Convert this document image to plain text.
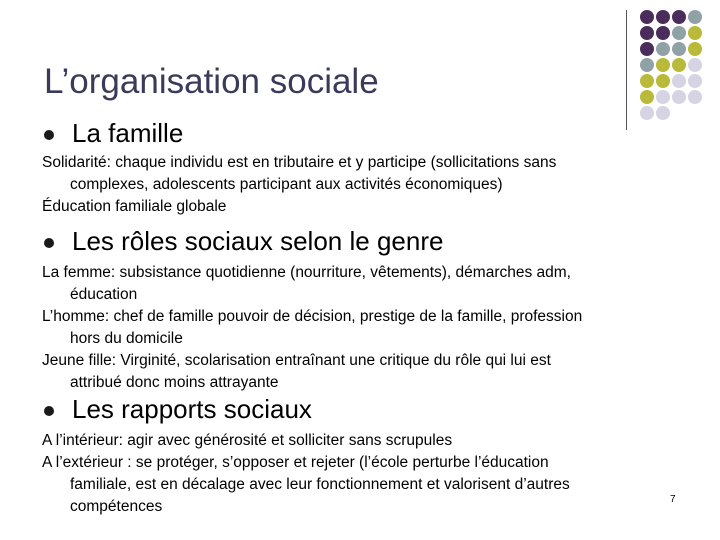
L’organisation sociale
La famille
Solidarité: chaque individu est en tributaire et y participe (sollicitations sans
complexes, adolescents participant aux activités économiques)
Éducation familiale globale
Les rôles sociaux selon le genre
La femme: subsistance quotidienne (nourriture, vêtements), démarches adm,
éducation
L’homme: chef de famille pouvoir de décision, prestige de la famille, profession
hors du domicile
Jeune fille: Virginité, scolarisation entraînant une critique du rôle qui lui est
attribué donc moins attrayante
Les rapports sociaux
A l’intérieur: agir avec générosité et solliciter sans scrupules
A l’extérieur : se protéger, s’opposer et rejeter (l’école perturbe l’éducation
familiale, est en décalage avec leur fonctionnement et valorisent d’autres
compétences	7
